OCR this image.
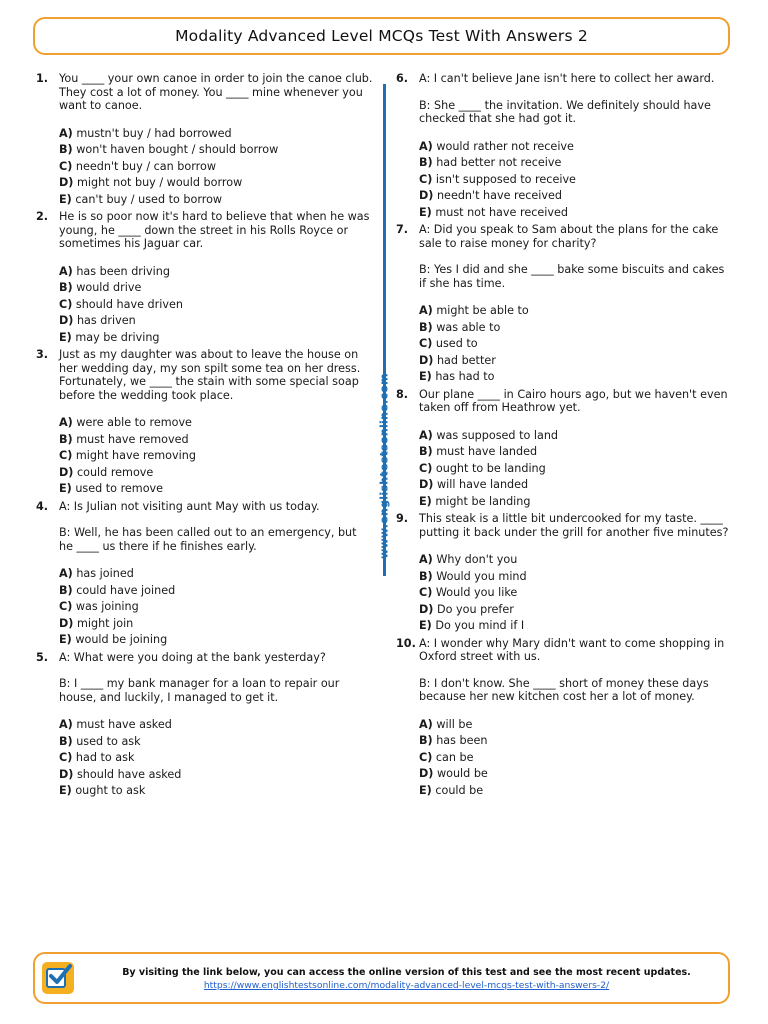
Modality Advanced Level MCQs Test With Answers 2
1. You ____ your own canoe in order to join the canoe club. They cost a lot of money. You ____ mine whenever you want to canoe.

A) mustn't buy / had borrowed
B) won't haven bought / should borrow
C) needn't buy / can borrow
D) might not buy / would borrow
E) can't buy / used to borrow
2. He is so poor now it's hard to believe that when he was young, he ____ down the street in his Rolls Royce or sometimes his Jaguar car.

A) has been driving
B) would drive
C) should have driven
D) has driven
E) may be driving
3. Just as my daughter was about to leave the house on her wedding day, my son spilt some tea on her dress. Fortunately, we ____ the stain with some special soap before the wedding took place.

A) were able to remove
B) must have removed
C) might have removing
D) could remove
E) used to remove
4. A: Is Julian not visiting aunt May with us today.

B: Well, he has been called out to an emergency, but he ____ us there if he finishes early.

A) has joined
B) could have joined
C) was joining
D) might join
E) would be joining
5. A: What were you doing at the bank yesterday?

B: I ____ my bank manager for a loan to repair our house, and luckily, I managed to get it.

A) must have asked
B) used to ask
C) had to ask
D) should have asked
E) ought to ask
www.englishtestsonline.com
6. A: I can't believe Jane isn't here to collect her award.

B: She ____ the invitation. We definitely should have checked that she had got it.

A) would rather not receive
B) had better not receive
C) isn't supposed to receive
D) needn't have received
E) must not have received
7. A: Did you speak to Sam about the plans for the cake sale to raise money for charity?

B: Yes I did and she ____ bake some biscuits and cakes if she has time.

A) might be able to
B) was able to
C) used to
D) had better
E) has had to
8. Our plane ____ in Cairo hours ago, but we haven't even taken off from Heathrow yet.

A) was supposed to land
B) must have landed
C) ought to be landing
D) will have landed
E) might be landing
9. This steak is a little bit undercooked for my taste. ____ putting it back under the grill for another five minutes?

A) Why don't you
B) Would you mind
C) Would you like
D) Do you prefer
E) Do you mind if I
10. A: I wonder why Mary didn't want to come shopping in Oxford street with us.

B: I don't know. She ____ short of money these days because her new kitchen cost her a lot of money.

A) will be
B) has been
C) can be
D) would be
E) could be
By visiting the link below, you can access the online version of this test and see the most recent updates.
https://www.englishtestsonline.com/modality-advanced-level-mcqs-test-with-answers-2/
